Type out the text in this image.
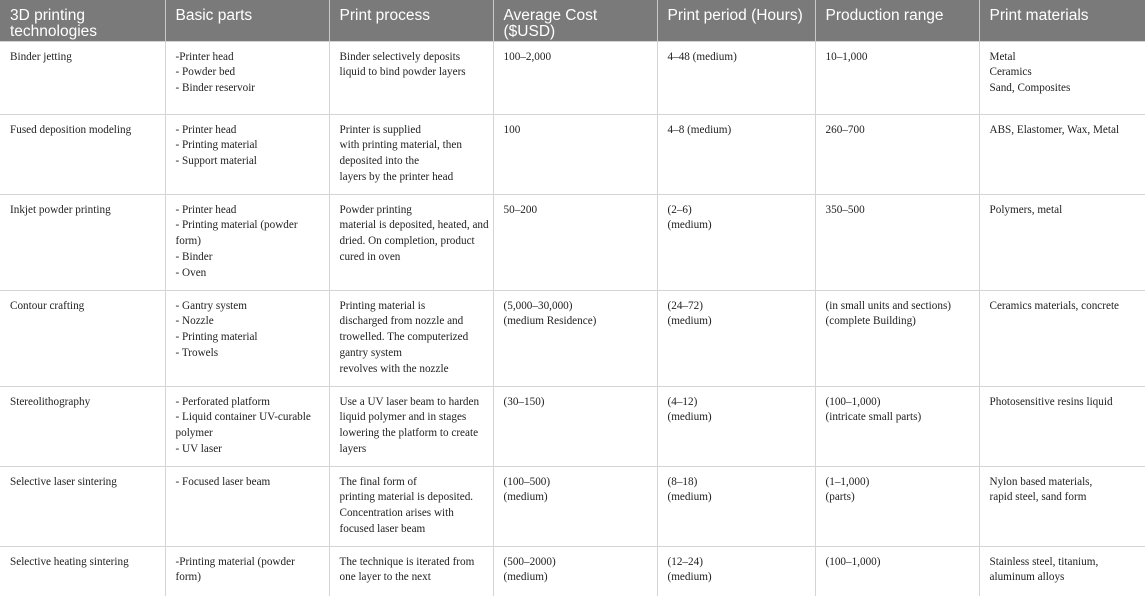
3D printing technologies	Basic parts	Print process	Average Cost ($USD)	Print period (Hours)	Production range	Print materials

Binder jetting	-Printer head
- Powder bed
- Binder reservoir	Binder selectively deposits
liquid to bind powder layers	100–2,000	4–48 (medium)	10–1,000	Metal
Ceramics
Sand, Composites

Fused deposition modeling	- Printer head
- Printing material
- Support material	Printer is supplied
with printing material, then
deposited into the
layers by the printer head	100	4–8 (medium)	260–700	ABS, Elastomer, Wax, Metal

Inkjet powder printing	- Printer head
- Printing material (powder
form)
- Binder
- Oven	Powder printing
material is deposited, heated, and
dried. On completion, product
cured in oven	50–200	(2–6)
(medium)	350–500	Polymers, metal

Contour crafting	- Gantry system
- Nozzle
- Printing material
- Trowels	Printing material is
discharged from nozzle and
trowelled. The computerized
gantry system
revolves with the nozzle	(5,000–30,000)
(medium Residence)	(24–72)
(medium)	(in small units and sections)
(complete Building)	Ceramics materials, concrete

Stereolithography	- Perforated platform
- Liquid container UV-curable
polymer
- UV laser	Use a UV laser beam to harden
liquid polymer and in stages
lowering the platform to create
layers	(30–150)	(4–12)
(medium)	(100–1,000)
(intricate small parts)	Photosensitive resins liquid

Selective laser sintering	- Focused laser beam	The final form of
printing material is deposited.
Concentration arises with
focused laser beam	(100–500)
(medium)	(8–18)
(medium)	(1–1,000)
(parts)	Nylon based materials,
rapid steel, sand form

Selective heating sintering	-Printing material (powder
form)	The technique is iterated from
one layer to the next	(500–2000)
(medium)	(12–24)
(medium)	(100–1,000)	Stainless steel, titanium,
aluminum alloys
